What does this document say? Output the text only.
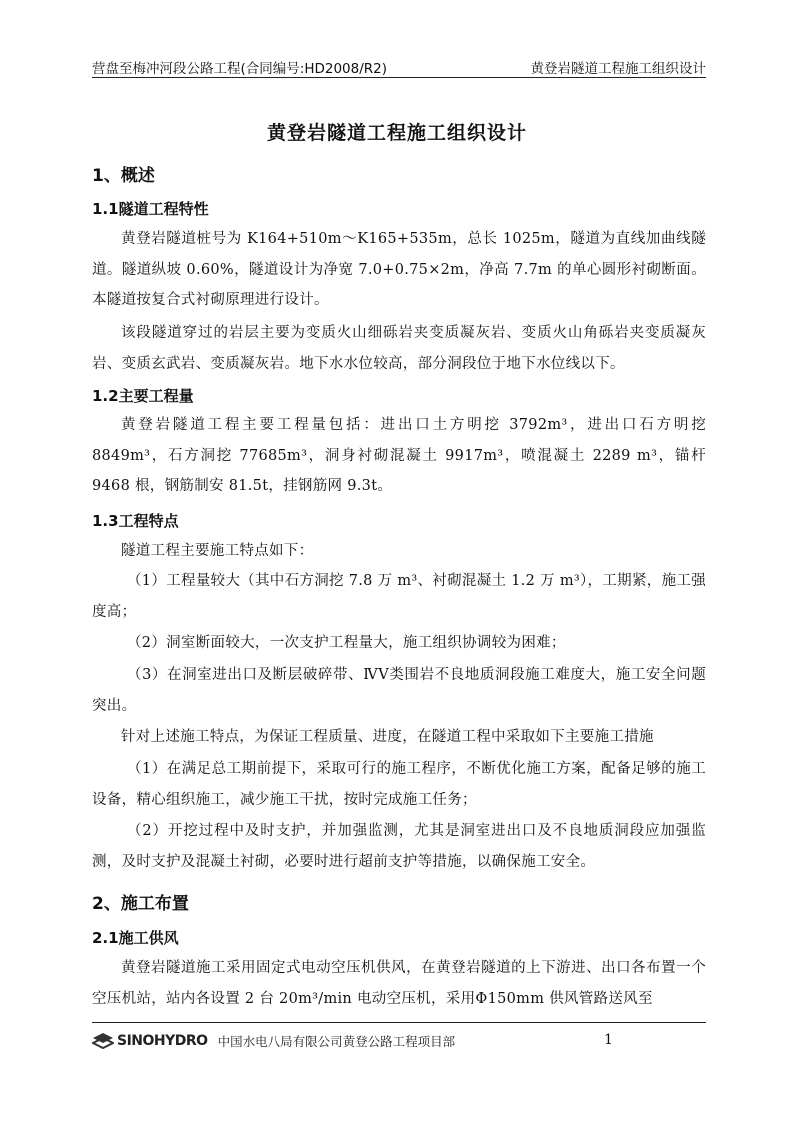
营盘至梅冲河段公路工程(合同编号:HD2008/R2)	黄登岩隧道工程施工组织设计
黄登岩隧道工程施工组织设计
1、概述
1.1隧道工程特性
黄登岩隧道桩号为 K164+510m～K165+535m，总长 1025m，隧道为直线加曲线隧道。隧道纵坡 0.60%，隧道设计为净宽 7.0+0.75×2m，净高 7.7m 的单心圆形衬砌断面。本隧道按复合式衬砌原理进行设计。
该段隧道穿过的岩层主要为变质火山细砾岩夹变质凝灰岩、变质火山角砾岩夹变质凝灰岩、变质玄武岩、变质凝灰岩。地下水水位较高，部分洞段位于地下水位线以下。
1.2主要工程量
黄登岩隧道工程主要工程量包括：进出口土方明挖 3792m³，进出口石方明挖 8849m³，石方洞挖 77685m³，洞身衬砌混凝土 9917m³，喷混凝土 2289 m³，锚杆 9468 根，钢筋制安 81.5t，挂钢筋网 9.3t。
1.3工程特点
隧道工程主要施工特点如下：
（1）工程量较大（其中石方洞挖 7.8 万 m³、衬砌混凝土 1.2 万 m³），工期紧，施工强度高；
（2）洞室断面较大，一次支护工程量大，施工组织协调较为困难；
（3）在洞室进出口及断层破碎带、ⅣⅤ类围岩不良地质洞段施工难度大，施工安全问题突出。
针对上述施工特点，为保证工程质量、进度，在隧道工程中采取如下主要施工措施
（1）在满足总工期前提下，采取可行的施工程序，不断优化施工方案，配备足够的施工设备，精心组织施工，减少施工干扰，按时完成施工任务；
（2）开挖过程中及时支护，并加强监测，尤其是洞室进出口及不良地质洞段应加强监测，及时支护及混凝土衬砌，必要时进行超前支护等措施，以确保施工安全。
2、施工布置
2.1施工供风
黄登岩隧道施工采用固定式电动空压机供风，在黄登岩隧道的上下游进、出口各布置一个空压机站，站内各设置 2 台 20m³/min 电动空压机，采用Φ150mm 供风管路送风至
SINOHYDRO 中国水电八局有限公司黄登公路工程项目部	1
